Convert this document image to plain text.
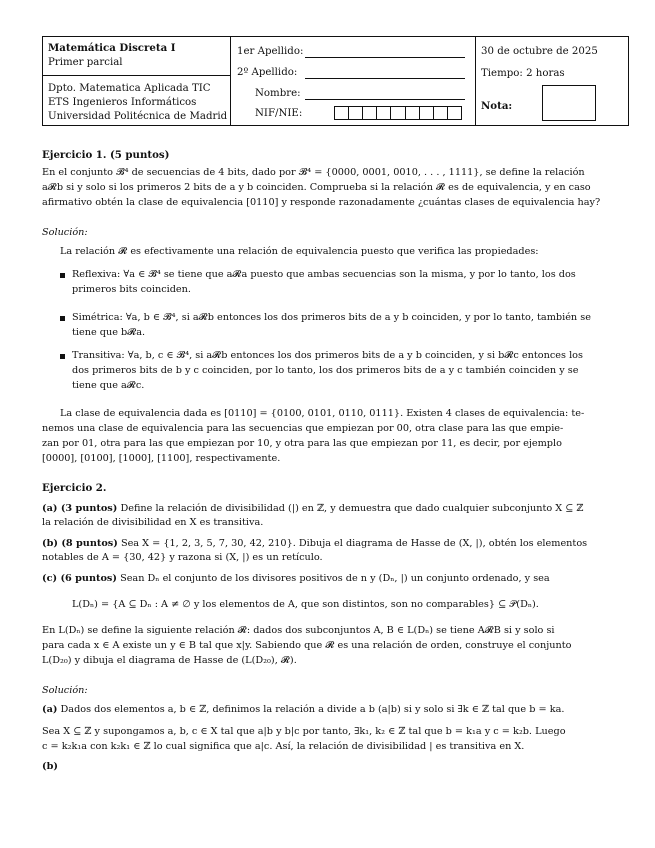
Matemática Discreta I
Primer parcial
Dpto. Matematica Aplicada TIC
ETS Ingenieros Informáticos
Universidad Politécnica de Madrid
1er Apellido:
2º Apellido:
Nombre:
NIF/NIE:
30 de octubre de 2025
Tiempo: 2 horas
Nota:
Ejercicio 1. (5 puntos)
En el conjunto 𝓑⁴ de secuencias de 4 bits, dado por 𝓑⁴ = {0000, 0001, 0010, . . . , 1111}, se define la relación
a𝓡b si y solo si los primeros 2 bits de a y b coinciden. Comprueba si la relación 𝓡 es de equivalencia, y en caso
afirmativo obtén la clase de equivalencia [0110] y responde razonadamente ¿cuántas clases de equivalencia hay?
Solución:
La relación 𝓡 es efectivamente una relación de equivalencia puesto que verifica las propiedades:
Reflexiva: ∀a ∈ 𝓑⁴ se tiene que a𝓡a puesto que ambas secuencias son la misma, y por lo tanto, los dos
primeros bits coinciden.
Simétrica: ∀a, b ∈ 𝓑⁴, si a𝓡b entonces los dos primeros bits de a y b coinciden, y por lo tanto, también se
tiene que b𝓡a.
Transitiva: ∀a, b, c ∈ 𝓑⁴, si a𝓡b entonces los dos primeros bits de a y b coinciden, y si b𝓡c entonces los
dos primeros bits de b y c coinciden, por lo tanto, los dos primeros bits de a y c también coinciden y se
tiene que a𝓡c.
La clase de equivalencia dada es [0110] = {0100, 0101, 0110, 0111}. Existen 4 clases de equivalencia: te-
nemos una clase de equivalencia para las secuencias que empiezan por 00, otra clase para las que empie-
zan por 01, otra para las que empiezan por 10, y otra para las que empiezan por 11, es decir, por ejemplo
[0000], [0100], [1000], [1100], respectivamente.
Ejercicio 2.
(a) (3 puntos) Define la relación de divisibilidad (|) en ℤ, y demuestra que dado cualquier subconjunto X ⊆ ℤ
la relación de divisibilidad en X es transitiva.
(b) (8 puntos) Sea X = {1, 2, 3, 5, 7, 30, 42, 210}. Dibuja el diagrama de Hasse de (X, |), obtén los elementos
notables de A = {30, 42} y razona si (X, |) es un retículo.
(c) (6 puntos) Sean Dₙ el conjunto de los divisores positivos de n y (Dₙ, |) un conjunto ordenado, y sea
L(Dₙ) = {A ⊆ Dₙ : A ≠ ∅ y los elementos de A, que son distintos, son no comparables} ⊆ 𝒫(Dₙ).
En L(Dₙ) se define la siguiente relación 𝓡: dados dos subconjuntos A, B ∈ L(Dₙ) se tiene A𝓡B si y solo si
para cada x ∈ A existe un y ∈ B tal que x|y. Sabiendo que 𝓡 es una relación de orden, construye el conjunto
L(D₂₀) y dibuja el diagrama de Hasse de (L(D₂₀), 𝓡).
Solución:
(a) Dados dos elementos a, b ∈ ℤ, definimos la relación a divide a b (a|b) si y solo si ∃k ∈ ℤ tal que b = ka.
Sea X ⊆ ℤ y supongamos a, b, c ∈ X tal que a|b y b|c por tanto, ∃k₁, k₂ ∈ ℤ tal que b = k₁a y c = k₂b. Luego
c = k₂k₁a con k₂k₁ ∈ ℤ lo cual significa que a|c. Así, la relación de divisibilidad | es transitiva en X.
(b)
